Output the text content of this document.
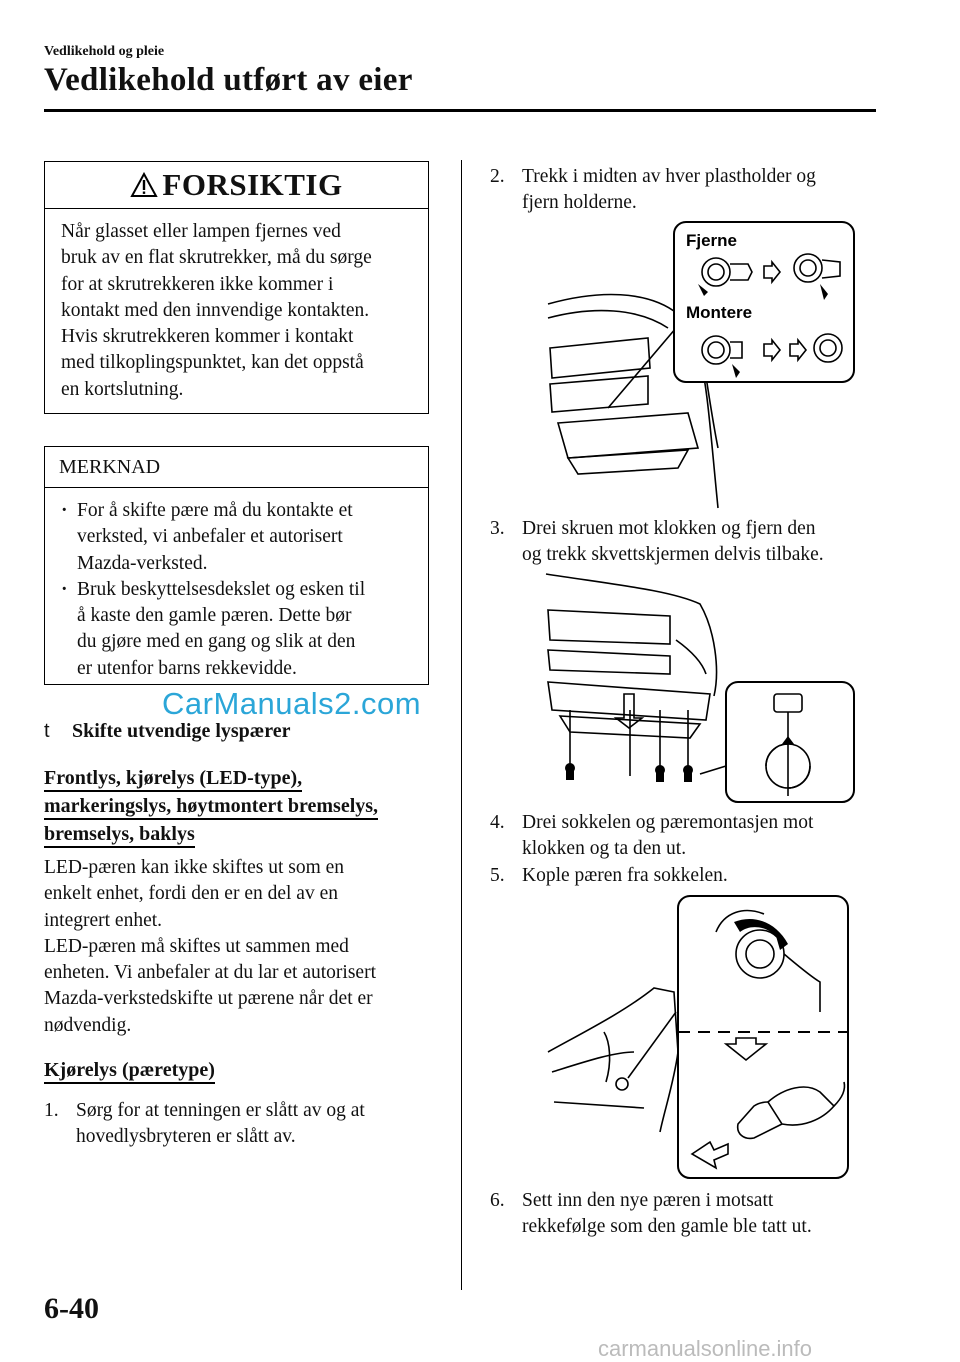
Vedlikehold og pleie
Vedlikehold utført av eier
FORSIKTIG
Når glasset eller lampen fjernes ved
bruk av en flat skrutrekker, må du sørge
for at skrutrekkeren ikke kommer i
kontakt med den innvendige kontakten.
Hvis skrutrekkeren kommer i kontakt
med tilkoplingspunktet, kan det oppstå
en kortslutning.
MERKNAD
· For å skifte pære må du kontakte et
verksted, vi anbefaler et autorisert
Mazda-verksted.
· Bruk beskyttelsesdekslet og esken til
å kaste den gamle pæren. Dette bør
du gjøre med en gang og slik at den
er utenfor barns rekkevidde.
CarManuals2.com
t Skifte utvendige lyspærer
Frontlys, kjørelys (LED-type),
markeringslys, høytmontert bremselys,
bremselys, baklys
LED-pæren kan ikke skiftes ut som en
enkelt enhet, fordi den er en del av en
integrert enhet.
LED-pæren må skiftes ut sammen med
enheten. Vi anbefaler at du lar et autorisert
Mazda-verkstedskifte ut pærene når det er
nødvendig.
Kjørelys (pæretype)
1. Sørg for at tenningen er slått av og at
hovedlysbryteren er slått av.
2. Trekk i midten av hver plastholder og
fjern holderne.
Fjerne
Montere
3. Drei skruen mot klokken og fjern den
og trekk skvettskjermen delvis tilbake.
4. Drei sokkelen og pæremontasjen mot
klokken og ta den ut.
5. Kople pæren fra sokkelen.
6. Sett inn den nye pæren i motsatt
rekkefølge som den gamle ble tatt ut.
6-40
carmanualsonline.info
